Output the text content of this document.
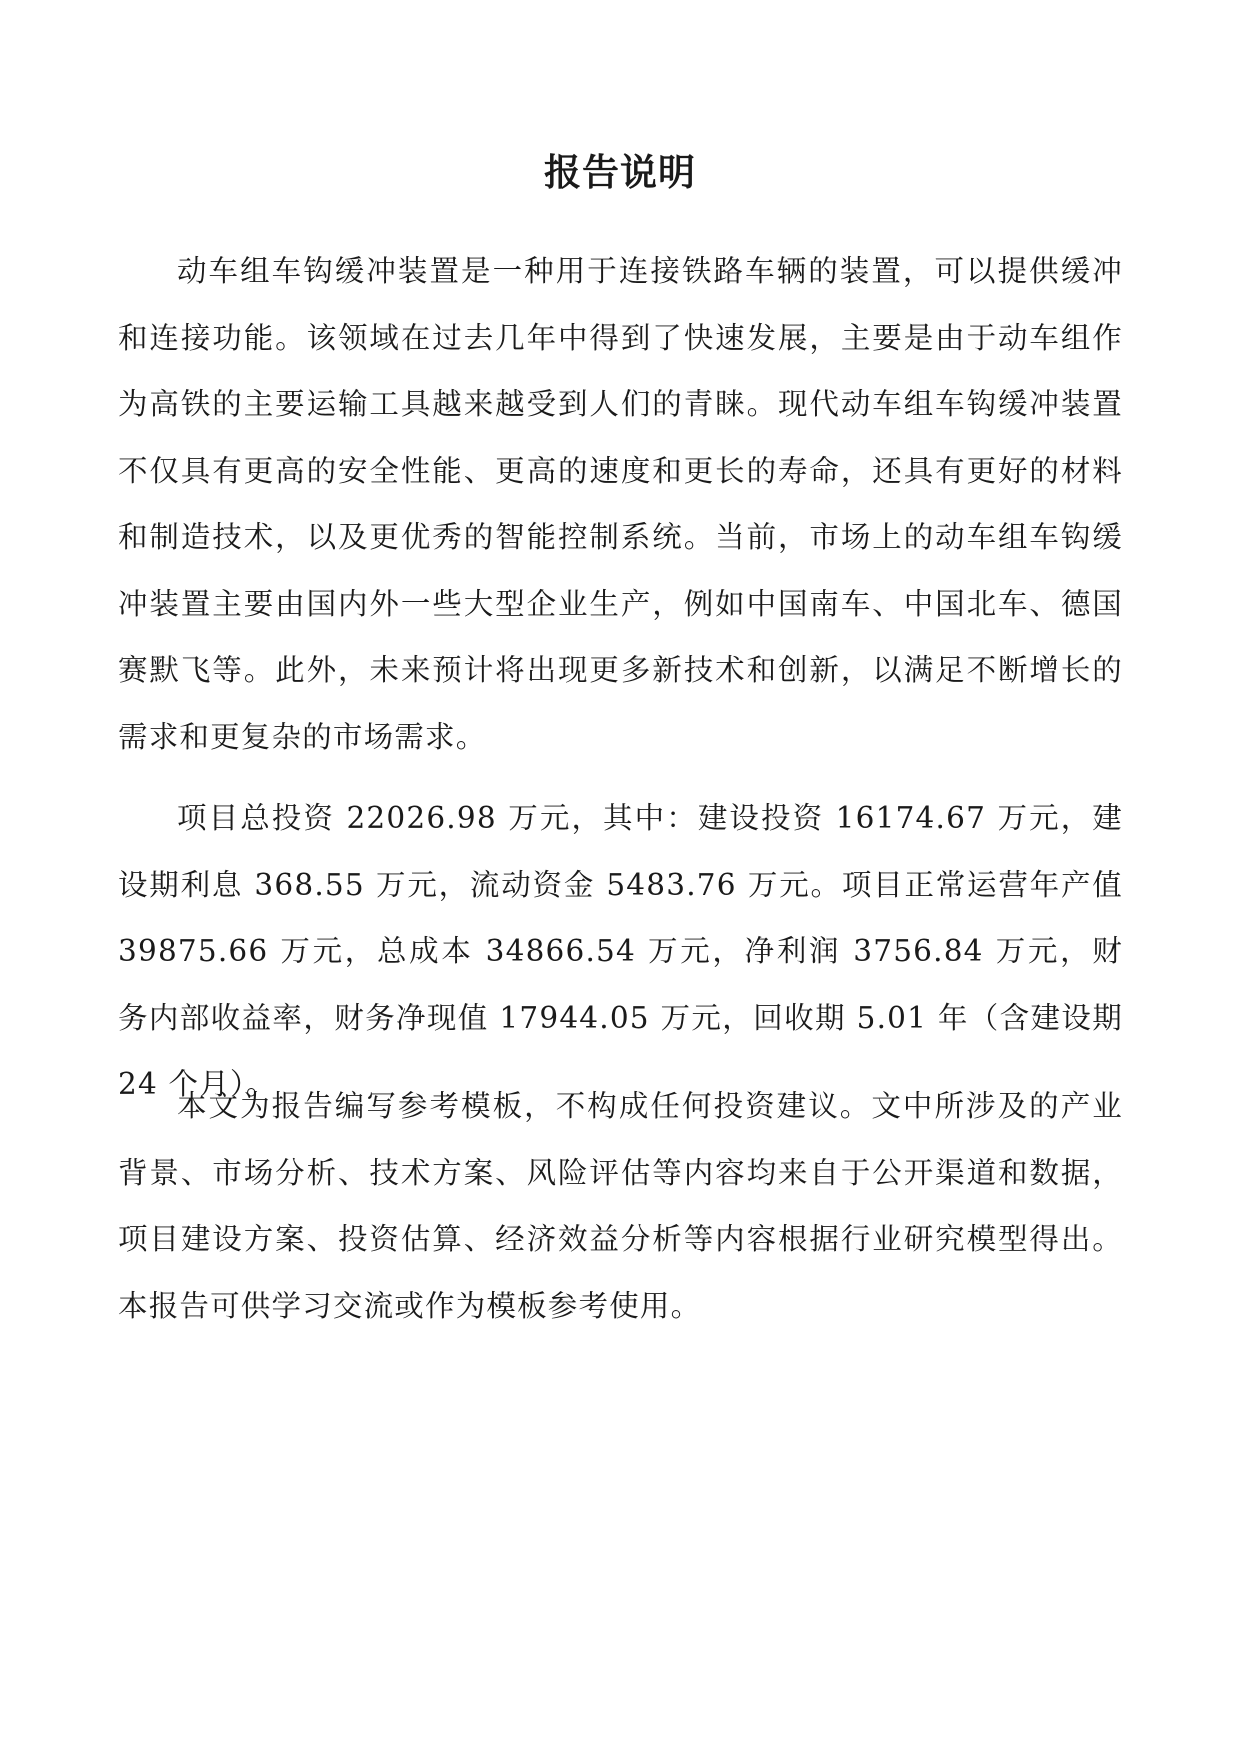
报告说明

动车组车钩缓冲装置是一种用于连接铁路车辆的装置，可以提供缓冲和连接功能。该领域在过去几年中得到了快速发展，主要是由于动车组作为高铁的主要运输工具越来越受到人们的青睐。现代动车组车钩缓冲装置不仅具有更高的安全性能、更高的速度和更长的寿命，还具有更好的材料和制造技术，以及更优秀的智能控制系统。当前，市场上的动车组车钩缓冲装置主要由国内外一些大型企业生产，例如中国南车、中国北车、德国赛默飞等。此外，未来预计将出现更多新技术和创新，以满足不断增长的需求和更复杂的市场需求。

项目总投资 22026.98 万元，其中：建设投资 16174.67 万元，建设期利息 368.55 万元，流动资金 5483.76 万元。项目正常运营年产值 39875.66 万元，总成本 34866.54 万元，净利润 3756.84 万元，财务内部收益率，财务净现值 17944.05 万元，回收期 5.01 年（含建设期 24 个月）。

本文为报告编写参考模板，不构成任何投资建议。文中所涉及的产业背景、市场分析、技术方案、风险评估等内容均来自于公开渠道和数据，项目建设方案、投资估算、经济效益分析等内容根据行业研究模型得出。本报告可供学习交流或作为模板参考使用。
